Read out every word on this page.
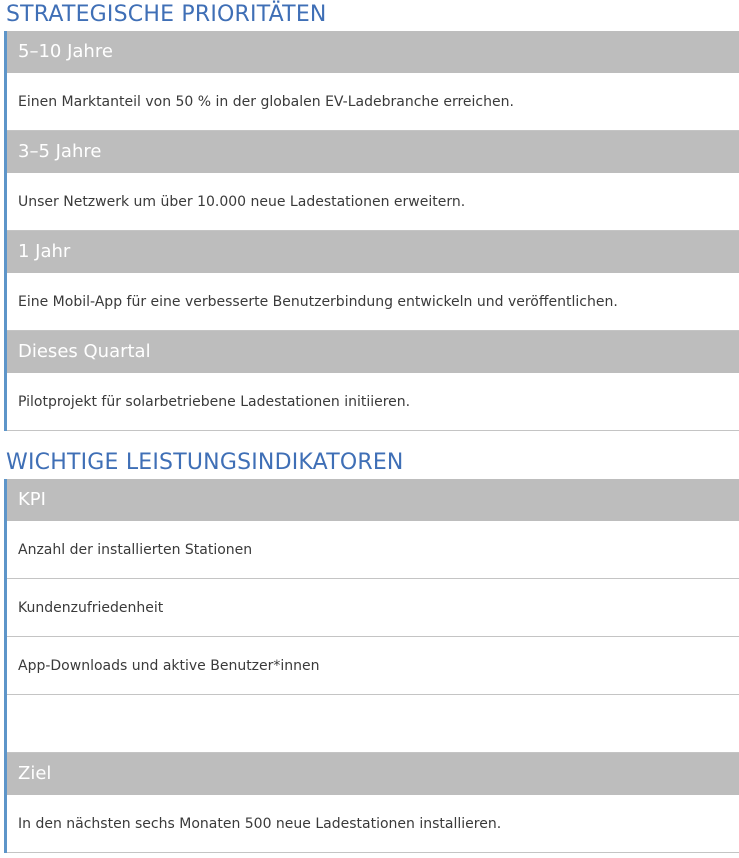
STRATEGISCHE PRIORITÄTEN
5–10 Jahre
Einen Marktanteil von 50 % in der globalen EV-Ladebranche erreichen.
3–5 Jahre
Unser Netzwerk um über 10.000 neue Ladestationen erweitern.
1 Jahr
Eine Mobil-App für eine verbesserte Benutzerbindung entwickeln und veröffentlichen.
Dieses Quartal
Pilotprojekt für solarbetriebene Ladestationen initiieren.
WICHTIGE LEISTUNGSINDIKATOREN
KPI
Anzahl der installierten Stationen
Kundenzufriedenheit
App-Downloads und aktive Benutzer*innen
Ziel
In den nächsten sechs Monaten 500 neue Ladestationen installieren.
